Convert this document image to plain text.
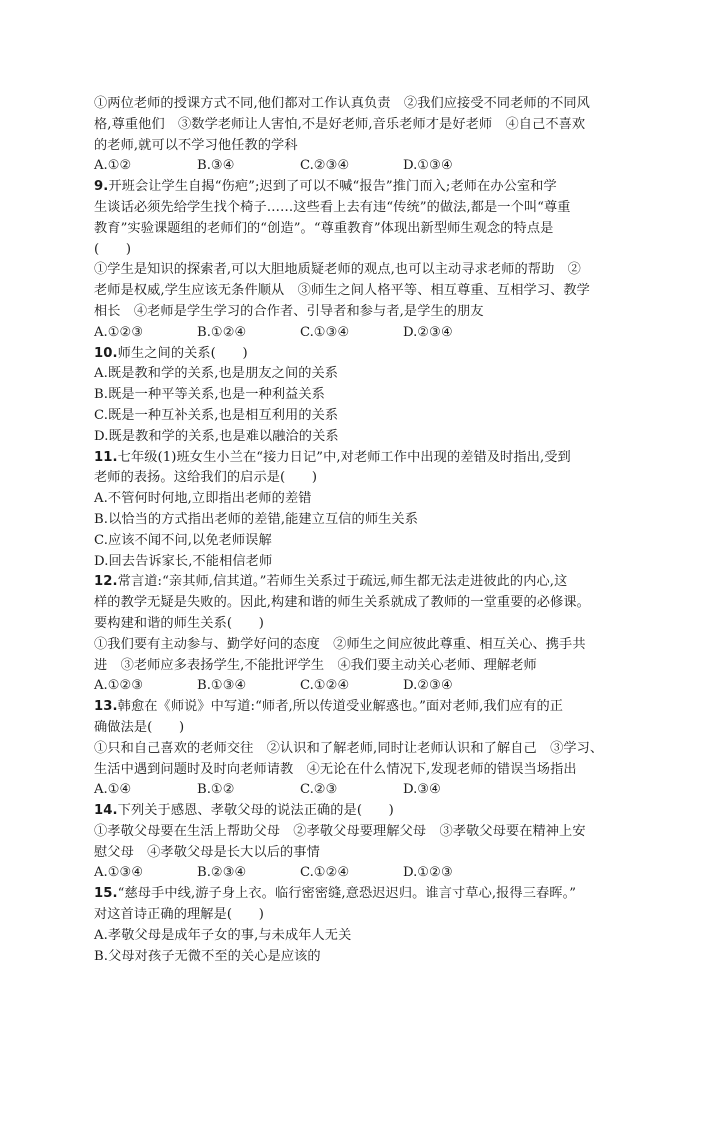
①两位老师的授课方式不同,他们都对工作认真负责　②我们应接受不同老师的不同风
格,尊重他们　③数学老师让人害怕,不是好老师,音乐老师才是好老师　④自己不喜欢
的老师,就可以不学习他任教的学科
A.①②	B.③④	C.②③④	D.①③④
9.开班会让学生自揭“伤疤”;迟到了可以不喊“报告”推门而入;老师在办公室和学
生谈话必须先给学生找个椅子……这些看上去有违“传统”的做法,都是一个叫“尊重
教育”实验课题组的老师们的“创造”。“尊重教育”体现出新型师生观念的特点是
(　　)
①学生是知识的探索者,可以大胆地质疑老师的观点,也可以主动寻求老师的帮助　②
老师是权威,学生应该无条件顺从　③师生之间人格平等、相互尊重、互相学习、教学
相长　④老师是学生学习的合作者、引导者和参与者,是学生的朋友
A.①②③	B.①②④	C.①③④	D.②③④
10.师生之间的关系(　　)
A.既是教和学的关系,也是朋友之间的关系
B.既是一种平等关系,也是一种利益关系
C.既是一种互补关系,也是相互利用的关系
D.既是教和学的关系,也是难以融洽的关系
11.七年级(1)班女生小兰在“接力日记”中,对老师工作中出现的差错及时指出,受到
老师的表扬。这给我们的启示是(　　)
A.不管何时何地,立即指出老师的差错
B.以恰当的方式指出老师的差错,能建立互信的师生关系
C.应该不闻不问,以免老师误解
D.回去告诉家长,不能相信老师
12.常言道:“亲其师,信其道。”若师生关系过于疏远,师生都无法走进彼此的内心,这
样的教学无疑是失败的。因此,构建和谐的师生关系就成了教师的一堂重要的必修课。
要构建和谐的师生关系(　　)
①我们要有主动参与、勤学好问的态度　②师生之间应彼此尊重、相互关心、携手共
进　③老师应多表扬学生,不能批评学生　④我们要主动关心老师、理解老师
A.①②③	B.①③④	C.①②④	D.②③④
13.韩愈在《师说》中写道:“师者,所以传道受业解惑也。”面对老师,我们应有的正
确做法是(　　)
①只和自己喜欢的老师交往　②认识和了解老师,同时让老师认识和了解自己　③学习、
生活中遇到问题时及时向老师请教　④无论在什么情况下,发现老师的错误当场指出
A.①④	B.①②	C.②③	D.③④
14.下列关于感恩、孝敬父母的说法正确的是(　　)
①孝敬父母要在生活上帮助父母　②孝敬父母要理解父母　③孝敬父母要在精神上安
慰父母　④孝敬父母是长大以后的事情
A.①③④	B.②③④	C.①②④	D.①②③
15.“慈母手中线,游子身上衣。临行密密缝,意恐迟迟归。谁言寸草心,报得三春晖。”
对这首诗正确的理解是(　　)
A.孝敬父母是成年子女的事,与未成年人无关
B.父母对孩子无微不至的关心是应该的
